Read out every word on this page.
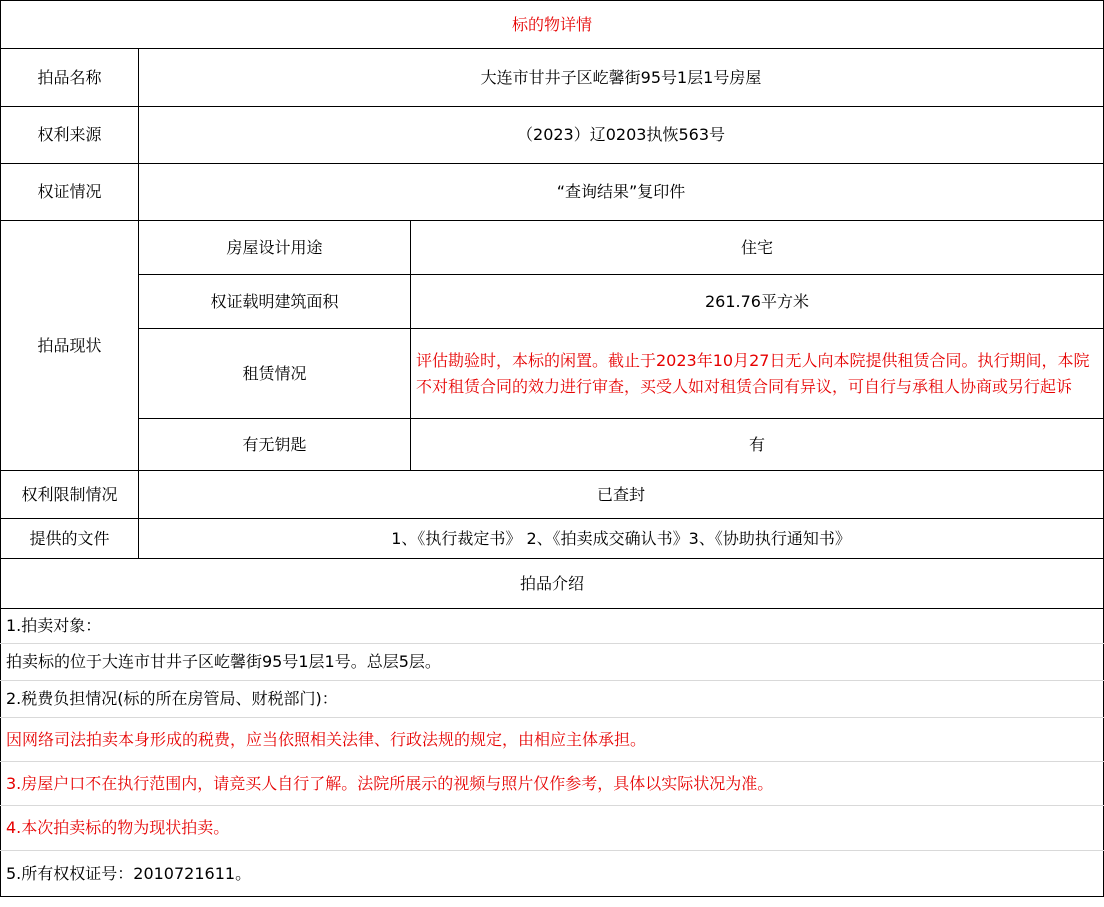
标的物详情		
拍品名称	大连市甘井子区屹馨街95号1层1号房屋	
权利来源	（2023）辽0203执恢563号	
权证情况	“查询结果”复印件	
拍品现状	房屋设计用途	住宅
	权证载明建筑面积	261.76平方米
	租赁情况	评估勘验时，本标的闲置。截止于2023年10月27日无人向本院提供租赁合同。执行期间，本院不对租赁合同的效力进行审查，买受人如对租赁合同有异议，可自行与承租人协商或另行起诉
	有无钥匙	有
权利限制情况	已查封	
提供的文件	1、《执行裁定书》 2、《拍卖成交确认书》3、《协助执行通知书》	
拍品介绍		
1.拍卖对象：		
拍卖标的位于大连市甘井子区屹馨街95号1层1号。总层5层。		
2.税费负担情况(标的所在房管局、财税部门)：		
因网络司法拍卖本身形成的税费，应当依照相关法律、行政法规的规定，由相应主体承担。		
3.房屋户口不在执行范围内，请竞买人自行了解。法院所展示的视频与照片仅作参考，具体以实际状况为准。		
4.本次拍卖标的物为现状拍卖。		
5.所有权权证号：2010721611。		
